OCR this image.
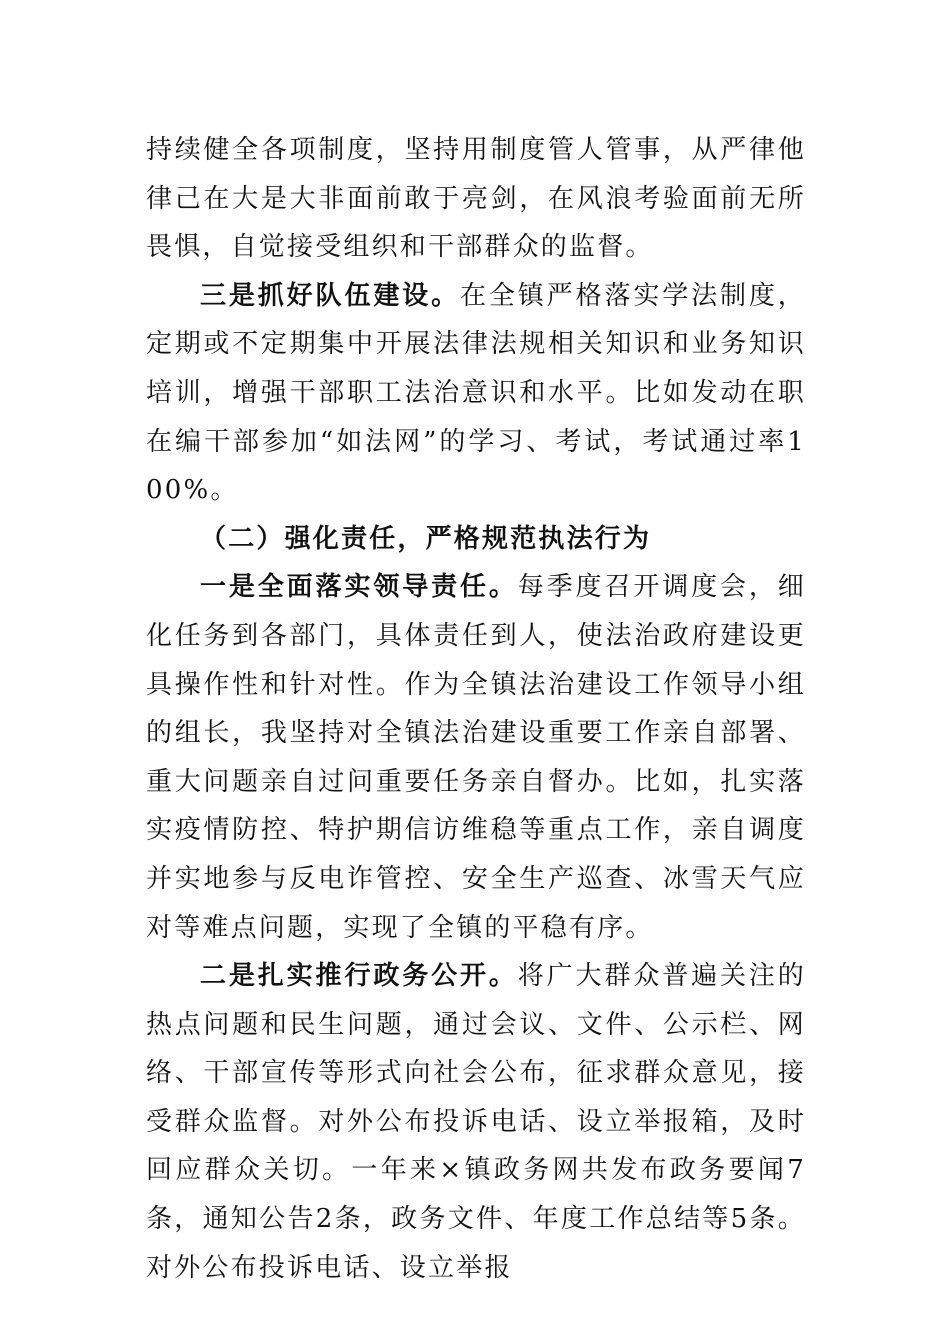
持续健全各项制度，坚持用制度管人管事，从严律他律己在大是大非面前敢于亮剑，在风浪考验面前无所畏惧，自觉接受组织和干部群众的监督。

三是抓好队伍建设。在全镇严格落实学法制度，定期或不定期集中开展法律法规相关知识和业务知识培训，增强干部职工法治意识和水平。比如发动在职在编干部参加“如法网”的学习、考试，考试通过率100%。

（二）强化责任，严格规范执法行为

一是全面落实领导责任。每季度召开调度会，细化任务到各部门，具体责任到人，使法治政府建设更具操作性和针对性。作为全镇法治建设工作领导小组的组长，我坚持对全镇法治建设重要工作亲自部署、重大问题亲自过问重要任务亲自督办。比如，扎实落实疫情防控、特护期信访维稳等重点工作，亲自调度并实地参与反电诈管控、安全生产巡查、冰雪天气应对等难点问题，实现了全镇的平稳有序。

二是扎实推行政务公开。将广大群众普遍关注的热点问题和民生问题，通过会议、文件、公示栏、网络、干部宣传等形式向社会公布，征求群众意见，接受群众监督。对外公布投诉电话、设立举报箱，及时回应群众关切。一年来×镇政务网共发布政务要闻7条，通知公告2条，政务文件、年度工作总结等5条。对外公布投诉电话、设立举报
